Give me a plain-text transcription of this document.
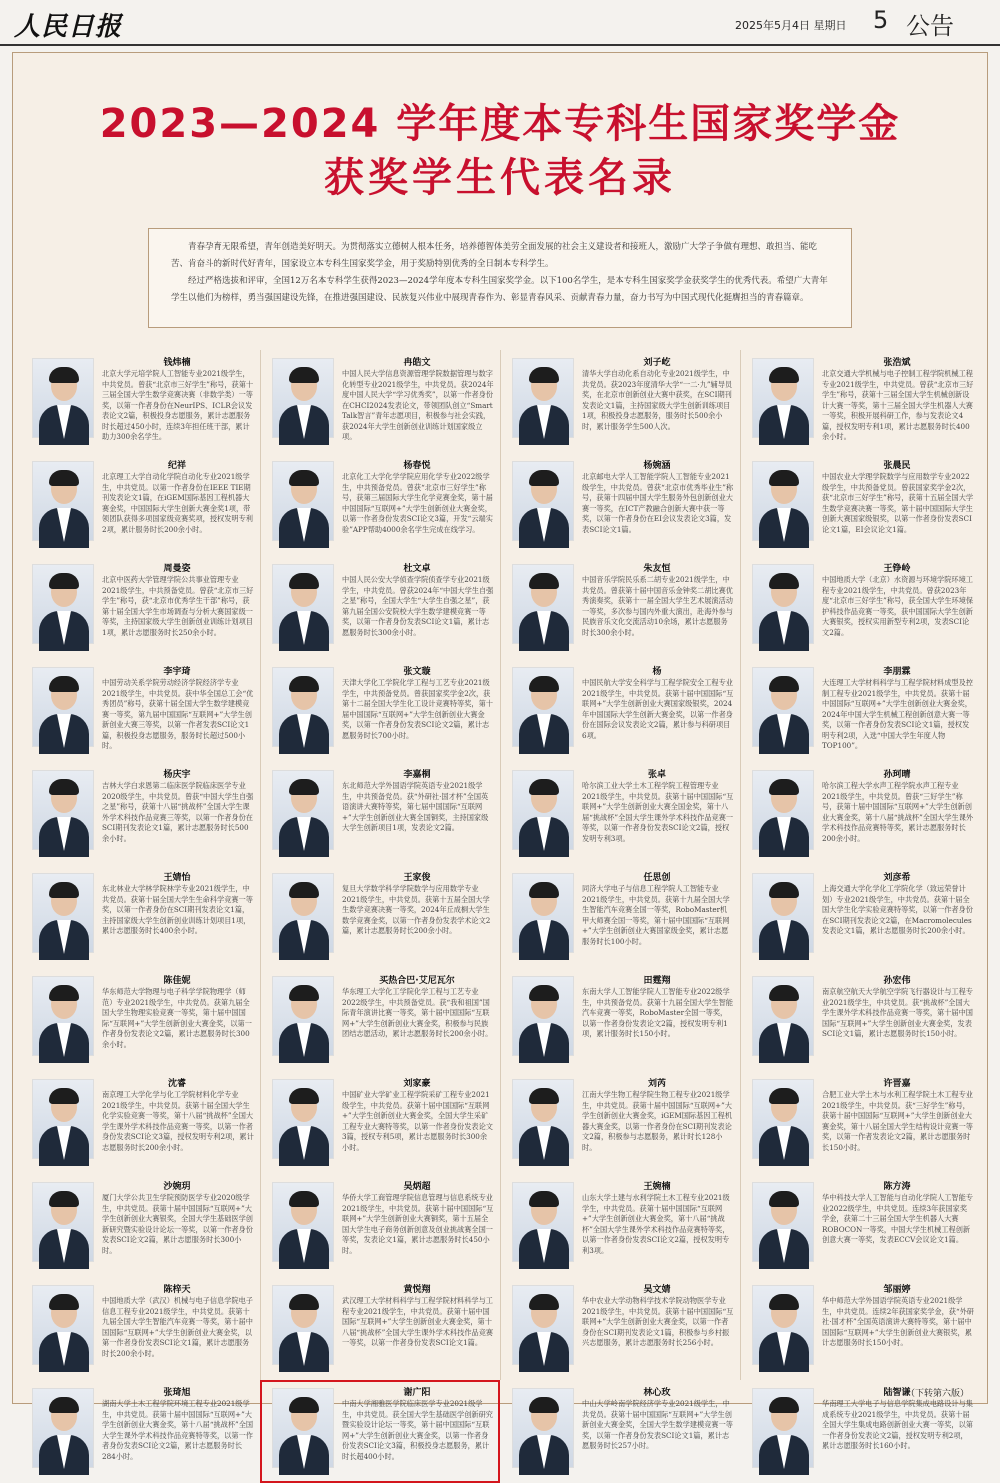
人民日报	2025年5月4日 星期日 5 公告
2023—2024 学年度本专科生国家奖学金
获奖学生代表名录

青春孕育无限希望，青年创造美好明天。为贯彻落实立德树人根本任务，培养德智体美劳全面发展的社会主义建设者和接班人，激励广大学子争做有理想、敢担当、能吃苦、肯奋斗的新时代好青年，国家设立本专科生国家奖学金，用于奖励特别优秀的全日制本专科学生。

经过严格选拔和评审，全国12万名本专科学生获得2023—2024学年度本专科生国家奖学金。以下100名学生，是本专科生国家奖学金获奖学生的优秀代表。希望广大青年学生以他们为榜样，勇当强国建设先锋，在推进强国建设、民族复兴伟业中展现青春作为、彰显青春风采、贡献青春力量，奋力书写为中国式现代化挺膺担当的青春篇章。

钱炜楠
北京大学元培学院人工智能专业2021级学生，中共党员。曾获“北京市三好学生”称号，获第十三届全国大学生数学竞赛决赛（非数学类）一等奖，以第一作者身份在NeurIPS、ICLR会议发表论文2篇，积极投身志愿服务，累计志愿服务时长超过450小时，连续3年担任班干部，累计助力300余名学生。
冉皓文
中国人民大学信息资源管理学院数据管理与数字化转型专业2021级学生，中共党员。获2024年度中国人民大学“学习优秀奖”，以第一作者身份在CHCI2024发表论文，带领团队创立“Smart Talk智言”青年志愿项目，积极参与社会实践，获2024年大学生创新创业训练计划国家级立项。
刘子屹
清华大学自动化系自动化专业2021级学生，中共党员。获2023年度清华大学“一二·九”辅导员奖，在北京市创新创业大赛中获奖，在SCI期刊发表论文1篇，主持国家级大学生创新训练项目1项，积极投身志愿服务，服务时长500余小时，累计服务学生500人次。
张浩斌
北京交通大学机械与电子控制工程学院机械工程专业2021级学生，中共党员。曾获“北京市三好学生”称号，获第十三届全国大学生机械创新设计大赛一等奖，第十三届全国大学生机器人大赛一等奖，积极开展科研工作，参与发表论文4篇，授权发明专利1项，累计志愿服务时长400余小时。
纪祥
北京理工大学自动化学院自动化专业2021级学生，中共党员。以第一作者身份在IEEE TIE期刊发表论文1篇，在iGEM国际基因工程机器大赛金奖，中国国际大学生创新大赛金奖1项，带领团队获得多项国家级竞赛奖项，授权发明专利2项，累计服务时长200余小时。
杨春悦
北京化工大学化学学院应用化学专业2022级学生，中共预备党员。曾获“北京市三好学生”称号，获第三届国际大学生化学竞赛金奖，第十届中国国际“互联网+”大学生创新创业大赛金奖，以第一作者身份发表SCI论文3篇，开发“云端实验”APP帮助4000余名学生完成在线学习。
杨婉涵
北京邮电大学人工智能学院人工智能专业2021级学生，中共党员。曾获“北京市优秀毕业生”称号，获第十四届中国大学生服务外包创新创业大赛一等奖，在ICT产教融合创新大赛中获一等奖，以第一作者身份在EI会议发表论文3篇，发表SCI论文1篇。
张晨民
中国农业大学理学院数学与应用数学专业2022级学生，中共预备党员。曾获国家奖学金2次，获“北京市三好学生”称号，获第十五届全国大学生数学竞赛决赛一等奖，第十届中国国际大学生创新大赛国家级银奖，以第一作者身份发表SCI论文1篇，EI会议论文1篇。
周曼姿
北京中医药大学管理学院公共事业管理专业2021级学生，中共预备党员。曾获“北京市三好学生”称号，获“北京市优秀学生干部”称号，获第十届全国大学生市场调查与分析大赛国家级一等奖，主持国家级大学生创新创业训练计划项目1项，累计志愿服务时长250余小时。
杜文卓
中国人民公安大学侦查学院侦查学专业2021级学生，中共党员。曾获2024年“中国大学生自强之星”称号，全国大学生“大学生自强之星”，获第九届全国公安院校大学生数学建模竞赛一等奖，以第一作者身份发表SCI论文1篇，累计志愿服务时长300余小时。
朱友恒
中国音乐学院民乐系二胡专业2021级学生，中共党员。曾获第十届中国音乐金钟奖二胡比赛优秀演奏奖，获第十一届全国大学生艺术展演活动一等奖，多次参与国内外重大演出，赴海外参与民族音乐文化交流活动10余场，累计志愿服务时长300余小时。
王铮岭
中国地质大学（北京）水资源与环境学院环境工程专业2021级学生，中共党员。曾获2023年度“北京市三好学生”称号，获全国大学生环境保护科技作品竞赛一等奖，获中国国际大学生创新大赛银奖，授权实用新型专利2项，发表SCI论文2篇。
李宇琦
中国劳动关系学院劳动经济学院经济学专业2021级学生，中共党员。获中华全国总工会“优秀团员”称号，获第十届全国大学生数学建模竞赛一等奖，第九届中国国际“互联网+”大学生创新创业大赛三等奖，以第一作者发表SCI论文1篇，积极投身志愿服务，服务时长超过500小时。
张文璇
天津大学化工学院化学工程与工艺专业2021级学生，中共预备党员。曾获国家奖学金2次，获第十二届全国大学生化工设计竞赛特等奖，第十届中国国际“互联网+”大学生创新创业大赛金奖，以第一作者身份发表SCI论文2篇，累计志愿服务时长700小时。
杨
中国民航大学安全科学与工程学院安全工程专业2021级学生，中共党员。获第十届中国国际“互联网+”大学生创新创业大赛国家级银奖，2024年中国国际大学生创新大赛金奖，以第一作者身份在国际会议发表论文2篇，累计参与科研项目6项。
李朋霖
大连理工大学材料科学与工程学院材料成型及控制工程专业2021级学生，中共党员。获第十届中国国际“互联网+”大学生创新创业大赛金奖，2024年中国大学生机械工程创新创意大赛一等奖，以第一作者身份发表SCI论文1篇，授权发明专利2项，入选“中国大学生年度人物TOP100”。
杨庆宇
吉林大学白求恩第二临床医学院临床医学专业2020级学生，中共党员。曾获“中国大学生自强之星”称号，获第十八届“挑战杯”全国大学生课外学术科技作品竞赛三等奖，以第一作者身份在SCI期刊发表论文1篇，累计志愿服务时长500余小时。
李嘉桐
东北师范大学外国语学院英语专业2021级学生，中共预备党员。获“外研社·国才杯”全国英语演讲大赛特等奖，第七届中国国际“互联网+”大学生创新创业大赛全国铜奖，主持国家级大学生创新项目1项，发表论文2篇。
张卓
哈尔滨工业大学土木工程学院工程管理专业2021级学生，中共党员。获第十届中国国际“互联网+”大学生创新创业大赛全国金奖，第十八届“挑战杯”全国大学生课外学术科技作品竞赛一等奖，以第一作者身份发表SCI论文2篇，授权发明专利3项。
孙珂晴
哈尔滨工程大学水声工程学院水声工程专业2021级学生，中共党员。曾获“三好学生”称号，获第十届中国国际“互联网+”大学生创新创业大赛金奖，第十八届“挑战杯”全国大学生课外学术科技作品竞赛特等奖，累计志愿服务时长200余小时。
王婧怡
东北林业大学林学院林学专业2021级学生，中共党员。获第十届全国大学生生命科学竞赛一等奖，以第一作者身份在SCI期刊发表论文1篇，主持国家级大学生创新创业训练计划项目1项，累计志愿服务时长400余小时。
王家俊
复旦大学数学科学学院数学与应用数学专业2021级学生，中共党员。获第十五届全国大学生数学竞赛决赛一等奖，2024年丘成桐大学生数学竞赛金奖，以第一作者身份发表学术论文2篇，累计志愿服务时长200余小时。
任思创
同济大学电子与信息工程学院人工智能专业2021级学生，中共党员。获第十九届全国大学生智能汽车竞赛全国一等奖，RoboMaster机甲大师赛全国一等奖，第十届中国国际“互联网+”大学生创新创业大赛国家级金奖，累计志愿服务时长100小时。
刘彦希
上海交通大学化学化工学院化学（致远荣誉计划）专业2021级学生，中共党员。获第十届全国大学生化学实验竞赛特等奖，以第一作者身份在SCI期刊发表论文2篇，在Macromolecules发表论文1篇，累计志愿服务时长200余小时。
陈佳妮
华东师范大学物理与电子科学学院物理学（师范）专业2021级学生，中共党员。获第九届全国大学生物理实验竞赛一等奖，第十届中国国际“互联网+”大学生创新创业大赛金奖，以第一作者身份发表论文2篇，累计志愿服务时长300余小时。
买热合巴·艾尼瓦尔
华东理工大学化工学院化学工程与工艺专业2022级学生，中共预备党员。获“我和祖国”国际青年演讲比赛一等奖，第十届中国国际“互联网+”大学生创新创业大赛金奖，积极参与民族团结志愿活动，累计志愿服务时长200余小时。
田霆翔
东南大学人工智能学院人工智能专业2022级学生，中共预备党员。获第十九届全国大学生智能汽车竞赛一等奖，RoboMaster全国一等奖，以第一作者身份发表论文2篇，授权发明专利1项，累计服务时长150小时。
孙宏伟
南京航空航天大学航空学院飞行器设计与工程专业2021级学生，中共党员。获“挑战杯”全国大学生课外学术科技作品竞赛一等奖，第十届中国国际“互联网+”大学生创新创业大赛金奖，发表SCI论文1篇，累计志愿服务时长150小时。
沈睿
南京理工大学化学与化工学院材料化学专业2021级学生，中共党员。获第十届全国大学生化学实验竞赛一等奖，第十八届“挑战杯”全国大学生课外学术科技作品竞赛一等奖，以第一作者身份发表SCI论文3篇，授权发明专利2项，累计志愿服务时长200余小时。
刘家豪
中国矿业大学矿业工程学院采矿工程专业2021级学生，中共党员。获第十届中国国际“互联网+”大学生创新创业大赛金奖，全国大学生采矿工程专业大赛特等奖，以第一作者身份发表论文3篇，授权专利5项，累计志愿服务时长300余小时。
刘芮
江南大学生物工程学院生物工程专业2021级学生，中共党员。获第十届中国国际“互联网+”大学生创新创业大赛金奖，iGEM国际基因工程机器大赛金奖，以第一作者身份在SCI期刊发表论文2篇，积极参与志愿服务，累计时长128小时。
许晋嘉
合肥工业大学土木与水利工程学院土木工程专业2021级学生，中共党员。获“三好学生”称号，获第十届中国国际“互联网+”大学生创新创业大赛金奖，第十八届全国大学生结构设计竞赛一等奖，以第一作者发表论文2篇，累计志愿服务时长150小时。
沙婉玥
厦门大学公共卫生学院预防医学专业2020级学生，中共党员。获第十届中国国际“互联网+”大学生创新创业大赛银奖，全国大学生基础医学创新研究暨实验设计论坛一等奖，以第一作者身份发表SCI论文2篇，累计志愿服务时长300小时。
吴炳超
华侨大学工商管理学院信息管理与信息系统专业2021级学生，中共党员。获第十届中国国际“互联网+”大学生创新创业大赛铜奖，第十五届全国大学生电子商务创新创意及创业挑战赛全国一等奖，发表论文1篇，累计志愿服务时长450小时。
王婉楠
山东大学土建与水利学院土木工程专业2021级学生，中共党员。获第十届中国国际“互联网+”大学生创新创业大赛金奖，第十八届“挑战杯”全国大学生课外学术科技作品竞赛特等奖，以第一作者身份发表SCI论文2篇，授权发明专利3项。
陈方涛
华中科技大学人工智能与自动化学院人工智能专业2022级学生，中共党员。连续3年获国家奖学金，获第二十三届全国大学生机器人大赛ROBOCON一等奖，中国大学生机械工程创新创意大赛一等奖，发表ECCV会议论文1篇。
陈梓天
中国地质大学（武汉）机械与电子信息学院电子信息工程专业2021级学生，中共党员。获第十九届全国大学生智能汽车竞赛一等奖，第十届中国国际“互联网+”大学生创新创业大赛金奖，以第一作者身份发表SCI论文1篇，累计志愿服务时长200余小时。
黄悦翔
武汉理工大学材料科学与工程学院材料科学与工程专业2021级学生，中共党员。获第十届中国国际“互联网+”大学生创新创业大赛金奖，第十八届“挑战杯”全国大学生课外学术科技作品竞赛一等奖，以第一作者身份发表SCI论文1篇。
吴文婧
华中农业大学动物科学技术学院动物医学专业2021级学生，中共党员。获第十届中国国际“互联网+”大学生创新创业大赛金奖，以第一作者身份在SCI期刊发表论文1篇，积极参与乡村振兴志愿服务，累计志愿服务时长256小时。
邹丽婷
华中师范大学外国语学院英语专业2021级学生，中共党员。连续2年获国家奖学金，获“外研社·国才杯”全国英语演讲大赛特等奖，第十届中国国际“互联网+”大学生创新创业大赛银奖，累计志愿服务时长150小时。
张琦旭
湖南大学土木工程学院环境工程专业2021级学生，中共党员。获第十届中国国际“互联网+”大学生创新创业大赛金奖，第十八届“挑战杯”全国大学生课外学术科技作品竞赛特等奖，以第一作者身份发表SCI论文2篇，累计志愿服务时长284小时。
谢广阳
中南大学湘雅医学院临床医学专业2021级学生，中共党员。获全国大学生基础医学创新研究暨实验设计论坛一等奖，第十届中国国际“互联网+”大学生创新创业大赛金奖，以第一作者身份发表SCI论文3篇，积极投身志愿服务，累计时长超400小时。
林心玫
中山大学岭南学院经济学专业2021级学生，中共党员。获第十届中国国际“互联网+”大学生创新创业大赛金奖，全国大学生数学建模竞赛一等奖，以第一作者身份发表SCI论文1篇，累计志愿服务时长257小时。
陆智谦
华南理工大学电子与信息学院集成电路设计与集成系统专业2021级学生，中共党员。获第十届全国大学生集成电路创新创业大赛一等奖，以第一作者身份发表论文2篇，授权发明专利2项，累计志愿服务时长160小时。
（下转第六版）
